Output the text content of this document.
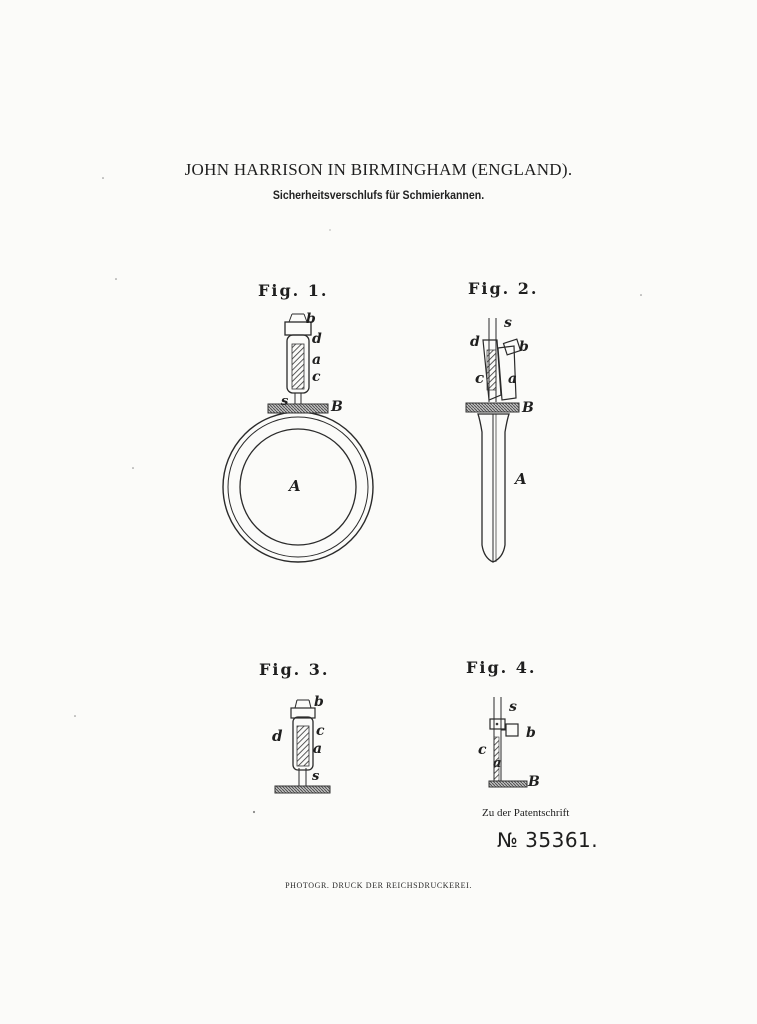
JOHN HARRISON IN BIRMINGHAM (ENGLAND).
Sicherheitsverschlufs für Schmierkannen.
Fig. 1.	Fig. 2.
Fig. 3.	Fig. 4.
b
d
a
c
s	B
A
s
d	b
c a
B
A
b
d c
a
s
s
b
c
a
B
Zu der Patentschrift
№ 35361.
PHOTOGR. DRUCK DER REICHSDRUCKEREI.
